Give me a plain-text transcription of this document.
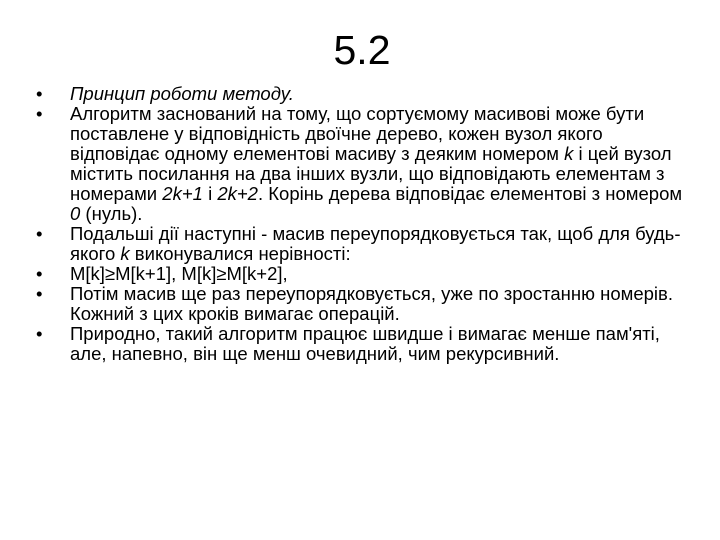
5.2
•	Принцип роботи методу.
•	Алгоритм заснований на тому, що сортуємому масивові може бути поставлене у відповідність двоїчне дерево, кожен вузол якого відповідає одному елементові масиву з деяким номером k і цей вузол містить посилання на два інших вузли, що відповідають елементам з номерами 2k+1 і 2k+2. Корінь дерева відповідає елементові з номером 0 (нуль).
•	Подальші дії наступні - масив переупорядковується так, щоб для будь-якого k виконувалися нерівності:
•	M[k]≥M[k+1], M[k]≥M[k+2],
•	Потім масив ще раз переупорядковується, уже по зростанню номерів. Кожний з цих кроків вимагає операцій.
•	Природно, такий алгоритм працює швидше і вимагає менше пам'яті, але, напевно, він ще менш очевидний, чим рекурсивний.
